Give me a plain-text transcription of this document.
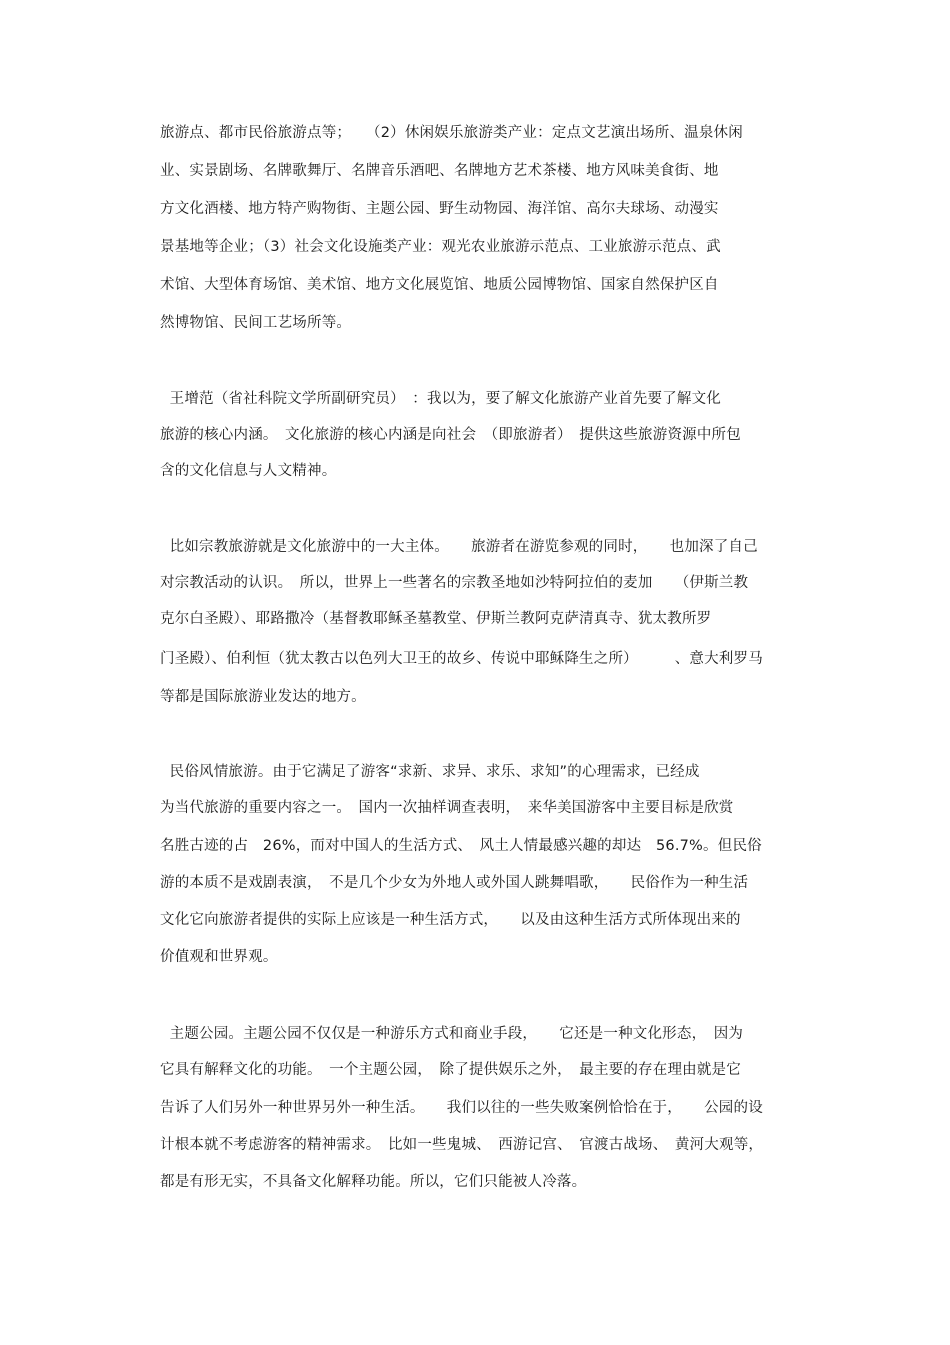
旅游点、都市民俗旅游点等；　　（2）休闲娱乐旅游类产业：定点文艺演出场所、温泉休闲
业、实景剧场、名牌歌舞厅、名牌音乐酒吧、名牌地方艺术茶楼、地方风味美食街、地
方文化酒楼、地方特产购物街、主题公园、野生动物园、海洋馆、高尔夫球场、动漫实
景基地等企业；（3）社会文化设施类产业：观光农业旅游示范点、工业旅游示范点、武
术馆、大型体育场馆、美术馆、地方文化展览馆、地质公园博物馆、国家自然保护区自
然博物馆、民间工艺场所等。
王增范（省社科院文学所副研究员）　：我以为，要了解文化旅游产业首先要了解文化
旅游的核心内涵。　文化旅游的核心内涵是向社会　（即旅游者）　提供这些旅游资源中所包
含的文化信息与人文精神。
比如宗教旅游就是文化旅游中的一大主体。　　旅游者在游览参观的同时，　　也加深了自己
对宗教活动的认识。　所以，世界上一些著名的宗教圣地如沙特阿拉伯的麦加　　（伊斯兰教
克尔白圣殿）、耶路撒冷（基督教耶稣圣墓教堂、伊斯兰教阿克萨清真寺、犹太教所罗
门圣殿）、伯利恒（犹太教古以色列大卫王的故乡、传说中耶稣降生之所）　　　、意大利罗马
等都是国际旅游业发达的地方。
民俗风情旅游。由于它满足了游客“求新、求异、求乐、求知”的心理需求，已经成
为当代旅游的重要内容之一。　国内一次抽样调查表明，　来华美国游客中主要目标是欣赏
名胜古迹的占　26%，而对中国人的生活方式、　风土人情最感兴趣的却达　56.7%。但民俗
游的本质不是戏剧表演，　不是几个少女为外地人或外国人跳舞唱歌，　　民俗作为一种生活
文化它向旅游者提供的实际上应该是一种生活方式，　　以及由这种生活方式所体现出来的
价值观和世界观。
主题公园。主题公园不仅仅是一种游乐方式和商业手段，　　它还是一种文化形态，　因为
它具有解释文化的功能。　一个主题公园，　除了提供娱乐之外，　最主要的存在理由就是它
告诉了人们另外一种世界另外一种生活。　　我们以往的一些失败案例恰恰在于，　　公园的设
计根本就不考虑游客的精神需求。　比如一些鬼城、　西游记宫、　官渡古战场、　黄河大观等，
都是有形无实，不具备文化解释功能。所以，它们只能被人冷落。
